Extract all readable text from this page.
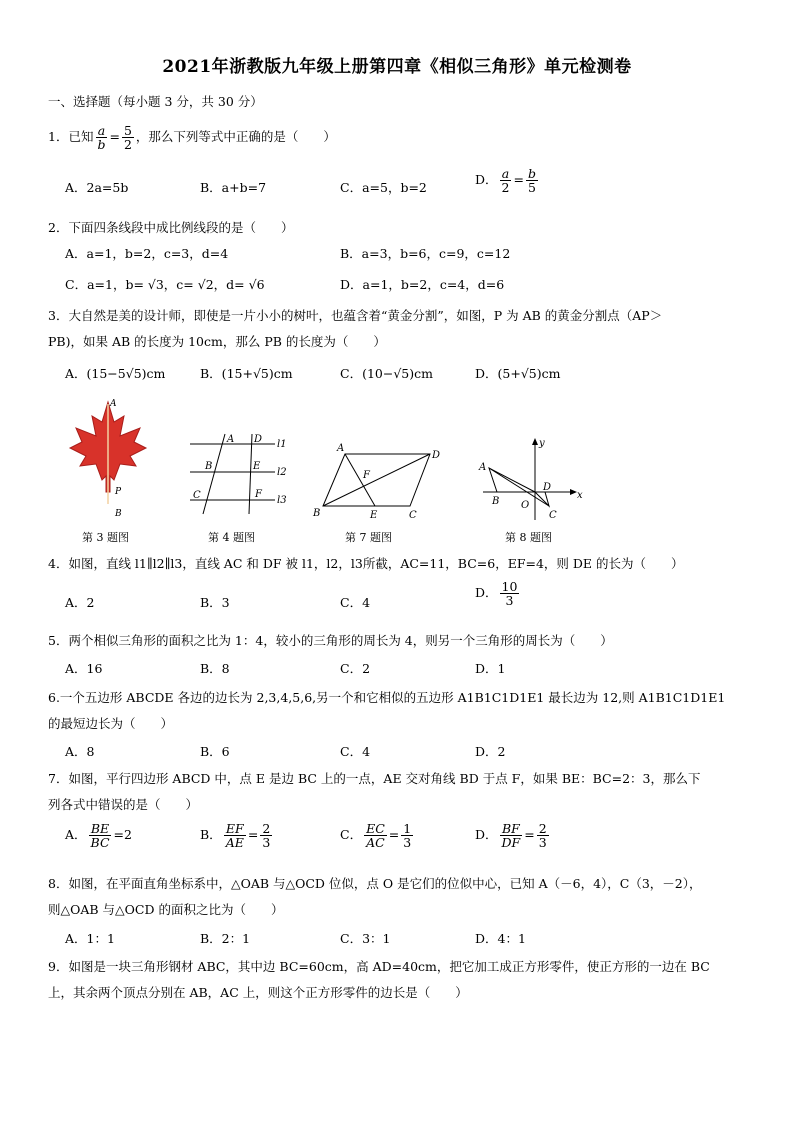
2021年浙教版九年级上册第四章《相似三角形》单元检测卷
一、选择题（每小题 3 分，共 30 分）
1．已知 $\frac{a}{b} = \frac{5}{2}$ ，那么下列等式中正确的是（　　）
A．2a=5b	B．a+b=7	C．a=5，b=2
D． $\frac{a}{2} = \frac{b}{5}$
2．下面四条线段中成比例线段的是（　　）
A．a=1，b=2，c=3，d=4	B．a=3，b=6，c=9，c=12
C．a=1，b= √3，c= √2，d= √6	D．a=1，b=2，c=4，d=6
3．大自然是美的设计师，即使是一片小小的树叶，也蕴含着“黄金分割”，如图，P 为 AB 的黄金分割点（AP＞
PB)，如果 AB 的长度为 10cm，那么 PB 的长度为（　　）
A．(15−5√5)cm	B．(15+√5)cm	C．(10−√5)cm	D．(5+√5)cm
A
P
B
A D
B	E
C	F
l1
l2
l3
A
D
F
B	E	C
y
x
A
B O
D
C
第 3 题图	第 4 题图	第 7 题图	第 8 题图
4．如图，直线 l1∥l2∥l3，直线 AC 和 DF 被 l1，l2，l3所截，AC=11，BC=6，EF=4，则 DE 的长为（　　）
A．2	B．3	C．4
D． $\frac{10}{3}$
5．两个相似三角形的面积之比为 1：4，较小的三角形的周长为 4，则另一个三角形的周长为（　　）
A．16	B．8	C．2	D．1
6.一个五边形 ABCDE 各边的边长为 2,3,4,5,6,另一个和它相似的五边形 A1B1C1D1E1 最长边为 12,则 A1B1C1D1E1
的最短边长为（　　）
A．8	B．6	C．4	D．2
7．如图，平行四边形 ABCD 中，点 E 是边 BC 上的一点，AE 交对角线 BD 于点 F，如果 BE：BC=2：3，那么下
列各式中错误的是（　　）
A． $\frac{BE}{BC} =2$	B． $\frac{EF}{AE} = \frac{2}{3}$	C． $\frac{EC}{AC} = \frac{1}{3}$	D． $\frac{BF}{DF} = \frac{2}{3}$
8．如图，在平面直角坐标系中，△OAB 与△OCD 位似，点 O 是它们的位似中心，已知 A（－6，4），C（3，－2），
则△OAB 与△OCD 的面积之比为（　　）
A．1：1	B．2：1	C．3：1	D．4：1
9．如图是一块三角形钢材 ABC，其中边 BC=60cm，高 AD=40cm，把它加工成正方形零件，使正方形的一边在 BC
上，其余两个顶点分别在 AB，AC 上，则这个正方形零件的边长是（　　）
